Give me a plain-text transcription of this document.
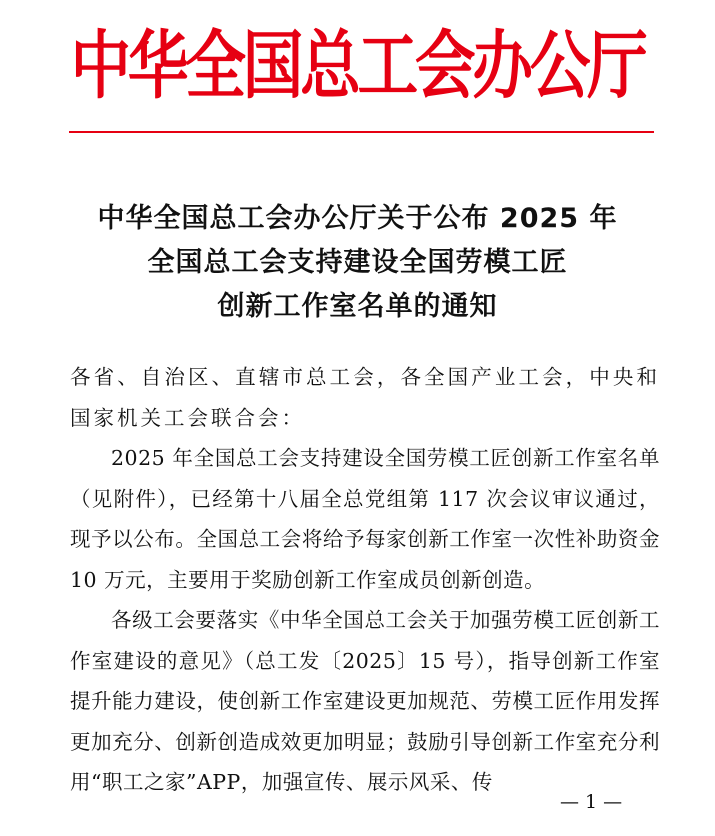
中华全国总工会办公厅
中华全国总工会办公厅关于公布 2025 年
全国总工会支持建设全国劳模工匠
创新工作室名单的通知

各省、自治区、直辖市总工会，各全国产业工会，中央和国家机关工会联合会：

2025 年全国总工会支持建设全国劳模工匠创新工作室名单（见附件），已经第十八届全总党组第 117 次会议审议通过，现予以公布。全国总工会将给予每家创新工作室一次性补助资金 10 万元，主要用于奖励创新工作室成员创新创造。

各级工会要落实《中华全国总工会关于加强劳模工匠创新工作室建设的意见》（总工发〔2025〕15 号），指导创新工作室提升能力建设，使创新工作室建设更加规范、劳模工匠作用发挥更加充分、创新创造成效更加明显；鼓励引导创新工作室充分利用“职工之家”APP，加强宣传、展示风采、传

— 1 —
